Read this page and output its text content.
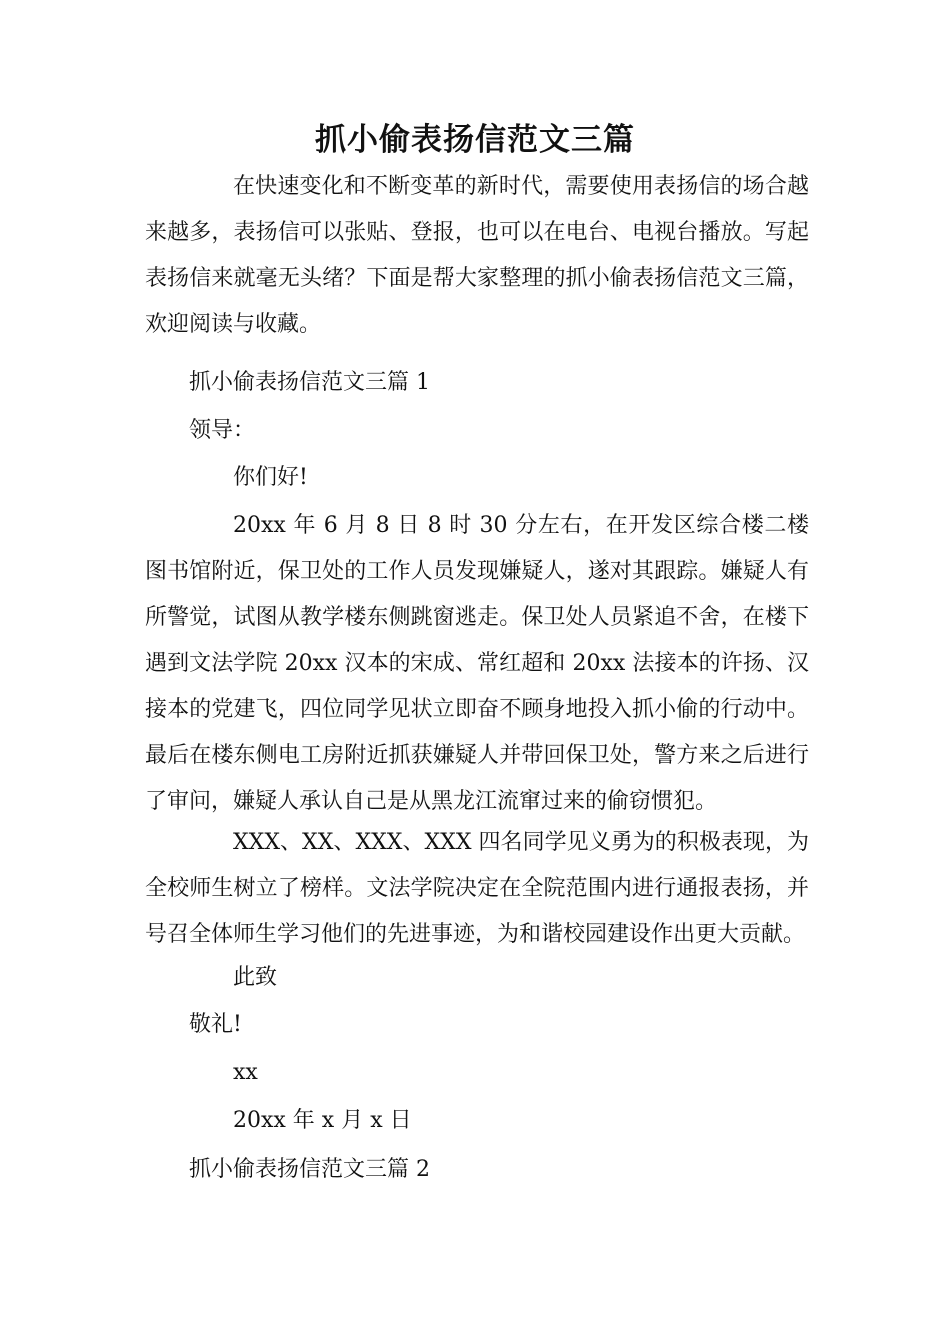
抓小偷表扬信范文三篇

在快速变化和不断变革的新时代，需要使用表扬信的场合越来越多，表扬信可以张贴、登报，也可以在电台、电视台播放。写起表扬信来就毫无头绪？下面是帮大家整理的抓小偷表扬信范文三篇，欢迎阅读与收藏。

抓小偷表扬信范文三篇 1
领导：
你们好!

20xx 年 6 月 8 日 8 时 30 分左右，在开发区综合楼二楼图书馆附近，保卫处的工作人员发现嫌疑人，遂对其跟踪。嫌疑人有所警觉，试图从教学楼东侧跳窗逃走。保卫处人员紧追不舍，在楼下遇到文法学院 20xx 汉本的宋成、常红超和 20xx 法接本的许扬、汉接本的党建飞，四位同学见状立即奋不顾身地投入抓小偷的行动中。最后在楼东侧电工房附近抓获嫌疑人并带回保卫处，警方来之后进行了审问，嫌疑人承认自己是从黑龙江流窜过来的偷窃惯犯。

XXX、XX、XXX、XXX 四名同学见义勇为的积极表现，为全校师生树立了榜样。文法学院决定在全院范围内进行通报表扬，并号召全体师生学习他们的先进事迹，为和谐校园建设作出更大贡献。

此致
敬礼!
xx
20xx 年 x 月 x 日
抓小偷表扬信范文三篇 2
